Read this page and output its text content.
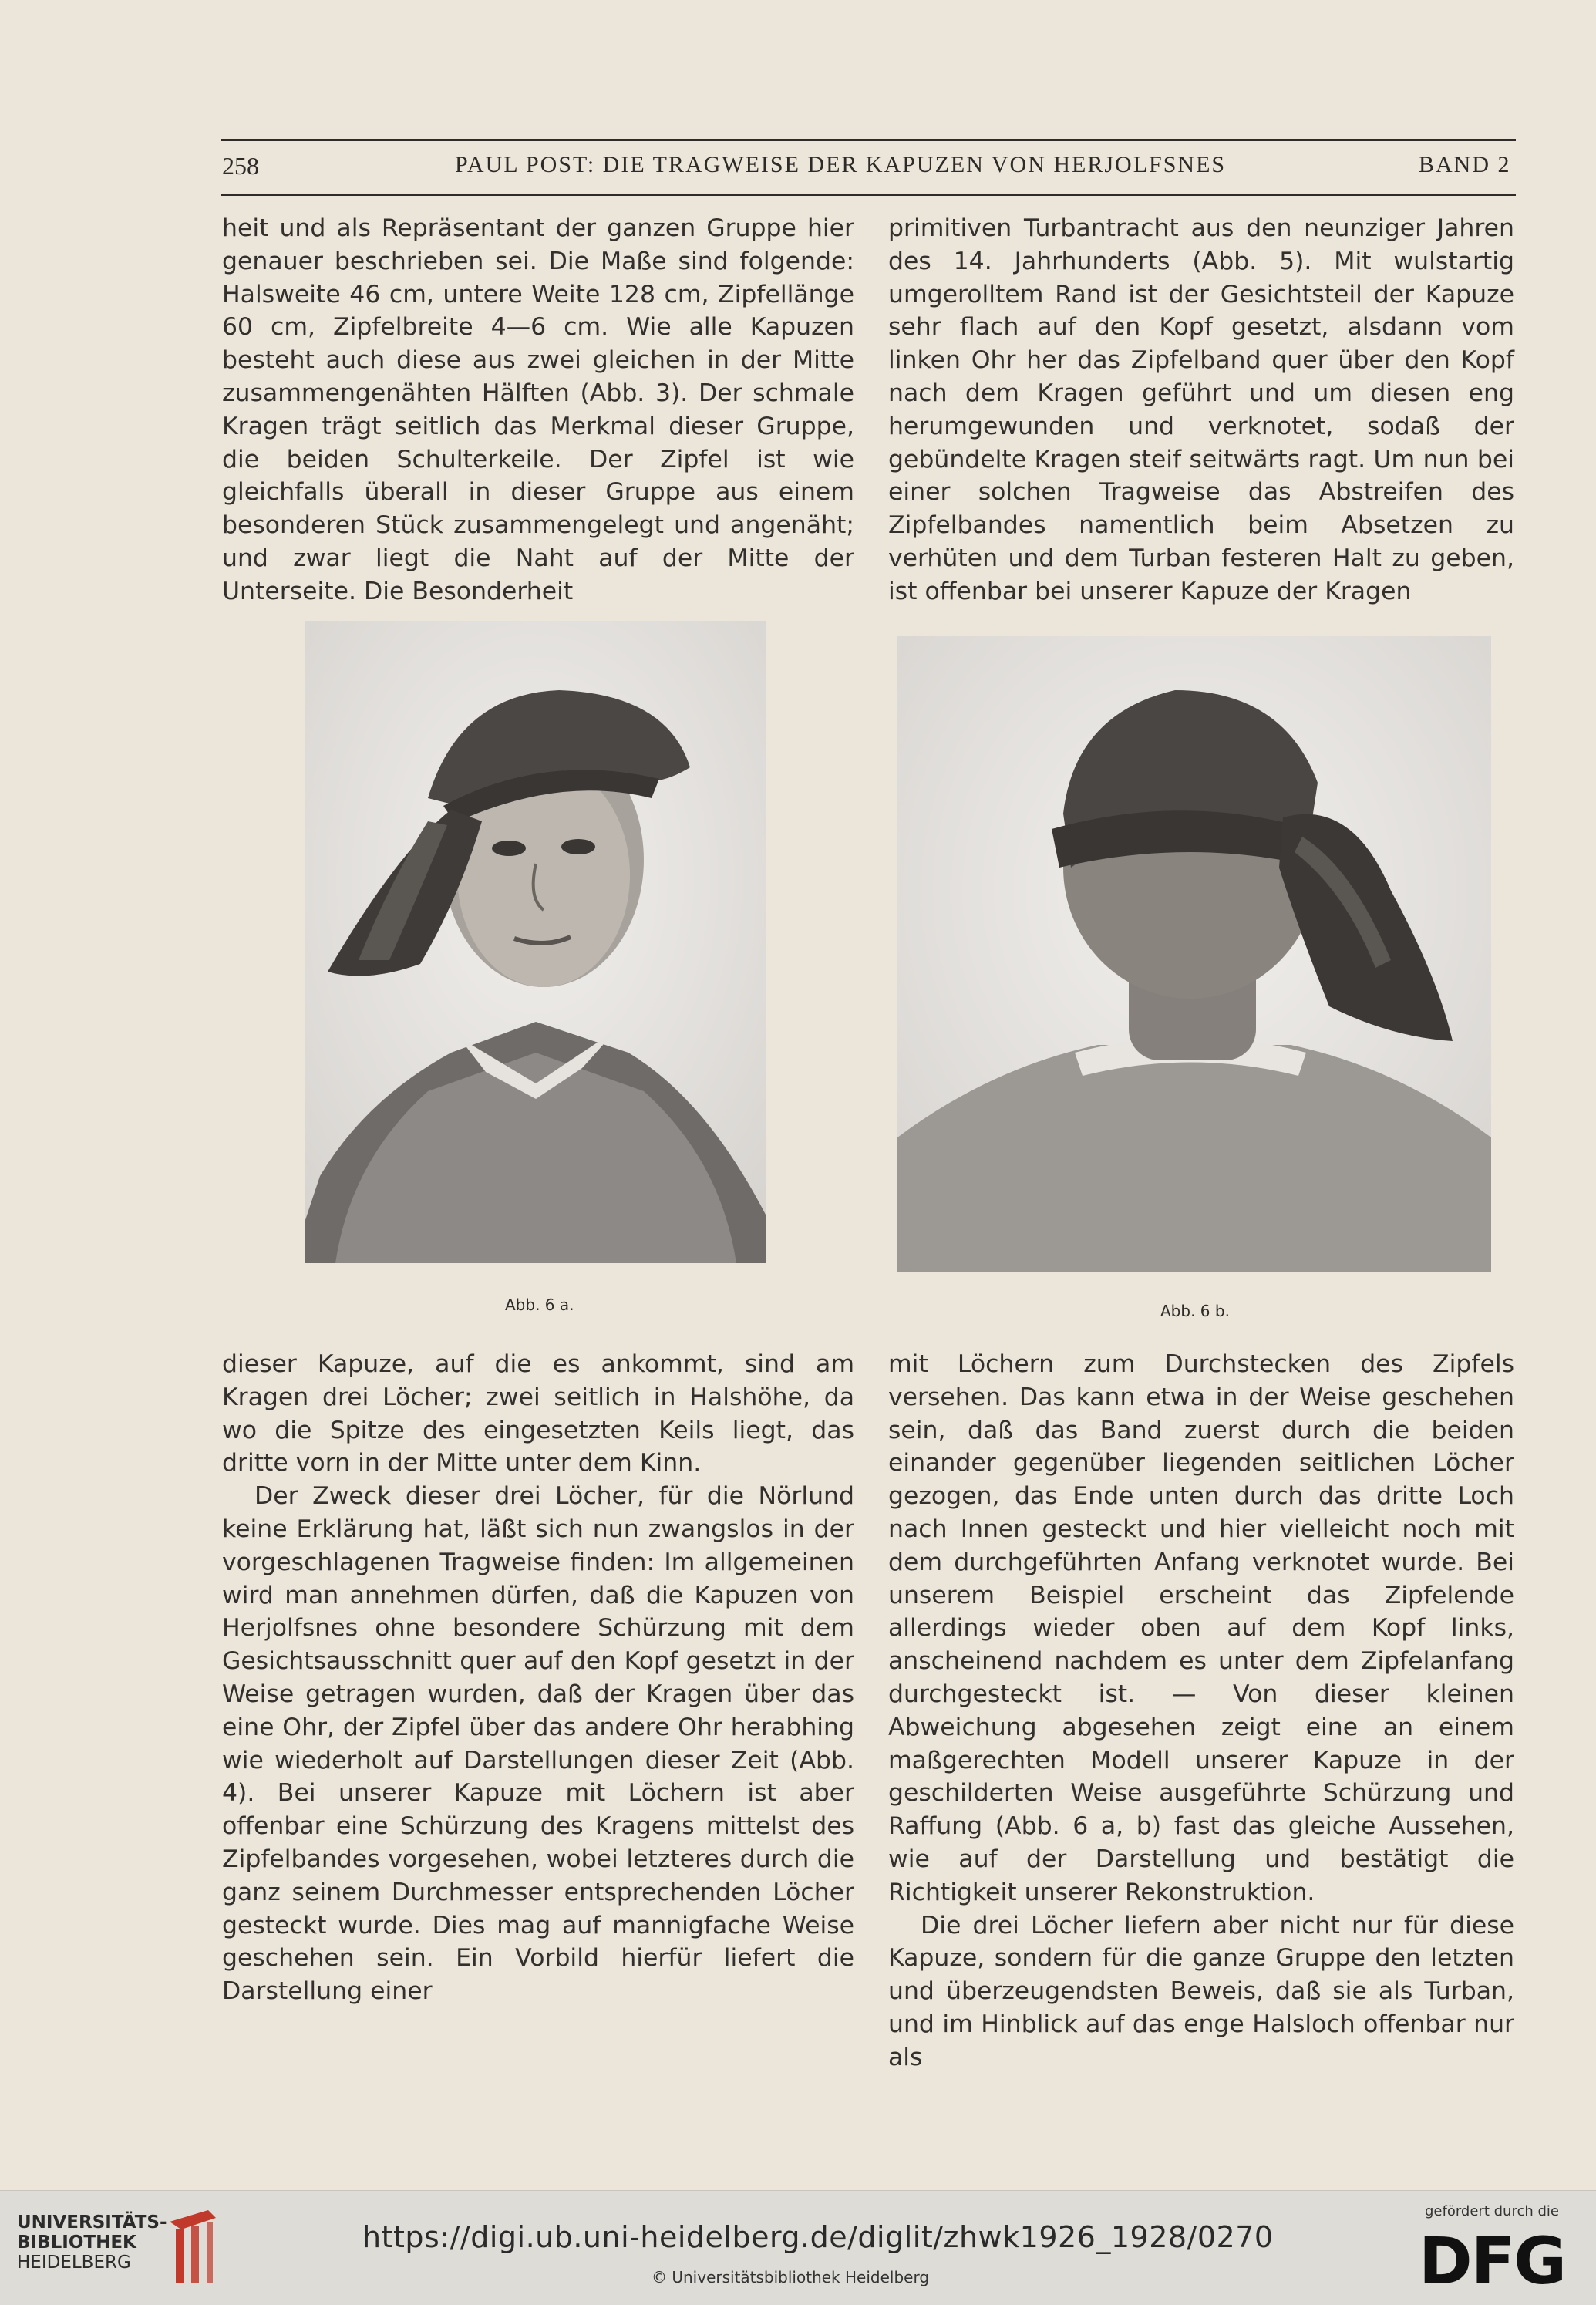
258	PAUL POST: DIE TRAGWEISE DER KAPUZEN VON HERJOLFSNES	BAND 2

heit und als Repräsentant der ganzen Gruppe hier genauer beschrieben sei. Die Maße sind folgende: Halsweite 46 cm, untere Weite 128 cm, Zipfellänge 60 cm, Zipfelbreite 4—6 cm. Wie alle Kapuzen besteht auch diese aus zwei gleichen in der Mitte zusammengenähten Hälften (Abb. 3). Der schmale Kragen trägt seitlich das Merkmal dieser Gruppe, die beiden Schulterkeile. Der Zipfel ist wie gleichfalls überall in dieser Gruppe aus einem besonderen Stück zusammengelegt und angenäht; und zwar liegt die Naht auf der Mitte der Unterseite. Die Besonderheit

primitiven Turbantracht aus den neunziger Jahren des 14. Jahrhunderts (Abb. 5). Mit wulstartig umgerolltem Rand ist der Gesichtsteil der Kapuze sehr flach auf den Kopf gesetzt, alsdann vom linken Ohr her das Zipfelband quer über den Kopf nach dem Kragen geführt und um diesen eng herumgewunden und verknotet, sodaß der gebündelte Kragen steif seitwärts ragt. Um nun bei einer solchen Tragweise das Abstreifen des Zipfelbandes namentlich beim Absetzen zu verhüten und dem Turban festeren Halt zu geben, ist offenbar bei unserer Kapuze der Kragen

Abb. 6 a.	Abb. 6 b.

dieser Kapuze, auf die es ankommt, sind am Kragen drei Löcher; zwei seitlich in Halshöhe, da wo die Spitze des eingesetzten Keils liegt, das dritte vorn in der Mitte unter dem Kinn.

Der Zweck dieser drei Löcher, für die Nörlund keine Erklärung hat, läßt sich nun zwangslos in der vorgeschlagenen Tragweise finden: Im allgemeinen wird man annehmen dürfen, daß die Kapuzen von Herjolfsnes ohne besondere Schürzung mit dem Gesichtsausschnitt quer auf den Kopf gesetzt in der Weise getragen wurden, daß der Kragen über das eine Ohr, der Zipfel über das andere Ohr herabhing wie wiederholt auf Darstellungen dieser Zeit (Abb. 4). Bei unserer Kapuze mit Löchern ist aber offenbar eine Schürzung des Kragens mittelst des Zipfelbandes vorgesehen, wobei letzteres durch die ganz seinem Durchmesser entsprechenden Löcher gesteckt wurde. Dies mag auf mannigfache Weise geschehen sein. Ein Vorbild hierfür liefert die Darstellung einer

mit Löchern zum Durchstecken des Zipfels versehen. Das kann etwa in der Weise geschehen sein, daß das Band zuerst durch die beiden einander gegenüber liegenden seitlichen Löcher gezogen, das Ende unten durch das dritte Loch nach Innen gesteckt und hier vielleicht noch mit dem durchgeführten Anfang verknotet wurde. Bei unserem Beispiel erscheint das Zipfelende allerdings wieder oben auf dem Kopf links, anscheinend nachdem es unter dem Zipfelanfang durchgesteckt ist. — Von dieser kleinen Abweichung abgesehen zeigt eine an einem maßgerechten Modell unserer Kapuze in der geschilderten Weise ausgeführte Schürzung und Raffung (Abb. 6 a, b) fast das gleiche Aussehen, wie auf der Darstellung und bestätigt die Richtigkeit unserer Rekonstruktion.

Die drei Löcher liefern aber nicht nur für diese Kapuze, sondern für die ganze Gruppe den letzten und überzeugendsten Beweis, daß sie als Turban, und im Hinblick auf das enge Halsloch offenbar nur als

UNIVERSITÄTS-
BIBLIOTHEK
HEIDELBERG
https://digi.ub.uni-heidelberg.de/diglit/zhwk1926_1928/0270
© Universitätsbibliothek Heidelberg
gefördert durch die
DFG
